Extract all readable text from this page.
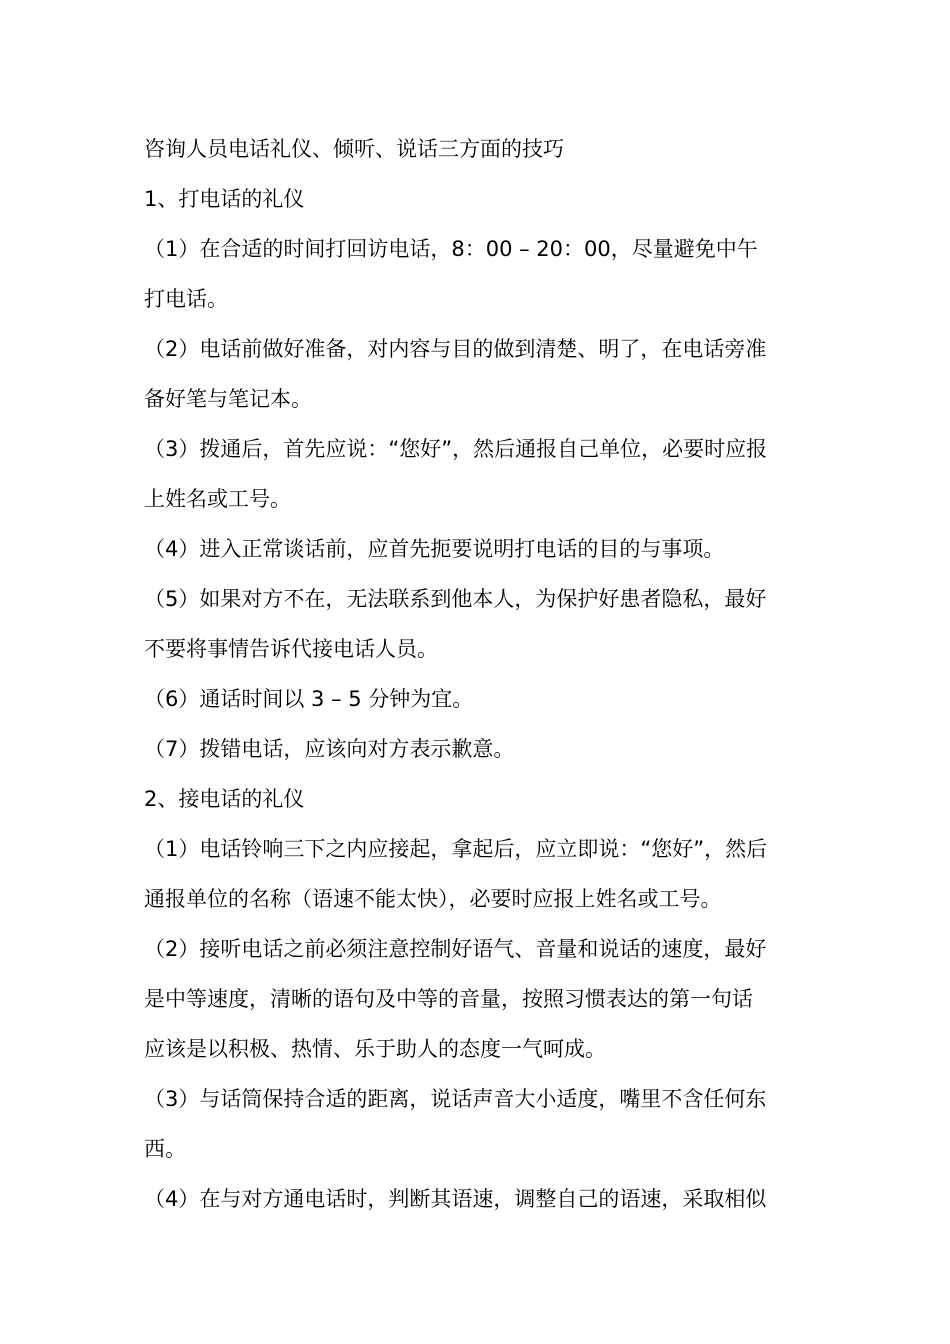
咨询人员电话礼仪、倾听、说话三方面的技巧
1、打电话的礼仪
（1）在合适的时间打回访电话，8：00 – 20：00，尽量避免中午
打电话。
（2）电话前做好准备，对内容与目的做到清楚、明了，在电话旁准
备好笔与笔记本。
（3）拨通后，首先应说：“您好”，然后通报自己单位，必要时应报
上姓名或工号。
（4）进入正常谈话前，应首先扼要说明打电话的目的与事项。
（5）如果对方不在，无法联系到他本人，为保护好患者隐私，最好
不要将事情告诉代接电话人员。
（6）通话时间以 3 – 5 分钟为宜。
（7）拨错电话，应该向对方表示歉意。
2、接电话的礼仪
（1）电话铃响三下之内应接起，拿起后，应立即说：“您好”，然后
通报单位的名称（语速不能太快），必要时应报上姓名或工号。
（2）接听电话之前必须注意控制好语气、音量和说话的速度，最好
是中等速度，清晰的语句及中等的音量，按照习惯表达的第一句话
应该是以积极、热情、乐于助人的态度一气呵成。
（3）与话筒保持合适的距离，说话声音大小适度，嘴里不含任何东
西。
（4）在与对方通电话时，判断其语速，调整自己的语速，采取相似
